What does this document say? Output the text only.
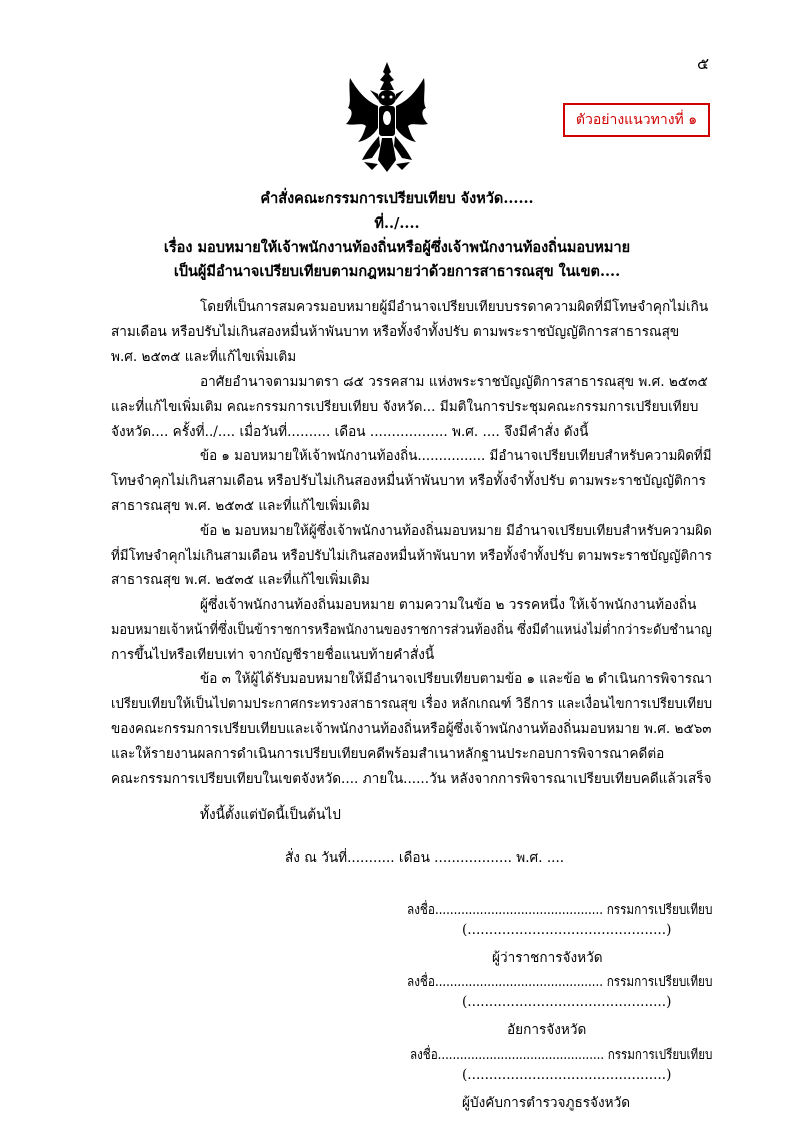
๕
ตัวอย่างแนวทางที่ ๑
คำสั่งคณะกรรมการเปรียบเทียบ จังหวัด......
ที่../....
เรื่อง มอบหมายให้เจ้าพนักงานท้องถิ่นหรือผู้ซึ่งเจ้าพนักงานท้องถิ่นมอบหมาย
เป็นผู้มีอำนาจเปรียบเทียบตามกฎหมายว่าด้วยการสาธารณสุข ในเขต....
โดยที่เป็นการสมควรมอบหมายผู้มีอำนาจเปรียบเทียบบรรดาความผิดที่มีโทษจำคุกไม่เกิน
สามเดือน หรือปรับไม่เกินสองหมื่นห้าพันบาท หรือทั้งจำทั้งปรับ ตามพระราชบัญญัติการสาธารณสุข
พ.ศ. ๒๕๓๕ และที่แก้ไขเพิ่มเติม
อาศัยอำนาจตามมาตรา ๘๕ วรรคสาม แห่งพระราชบัญญัติการสาธารณสุข พ.ศ. ๒๕๓๕
และที่แก้ไขเพิ่มเติม คณะกรรมการเปรียบเทียบ จังหวัด... มีมติในการประชุมคณะกรรมการเปรียบเทียบ
จังหวัด.... ครั้งที่../.... เมื่อวันที่.......... เดือน .................. พ.ศ. .... จึงมีคำสั่ง ดังนี้
ข้อ ๑ มอบหมายให้เจ้าพนักงานท้องถิ่น................ มีอำนาจเปรียบเทียบสำหรับความผิดที่มี
โทษจำคุกไม่เกินสามเดือน หรือปรับไม่เกินสองหมื่นห้าพันบาท หรือทั้งจำทั้งปรับ ตามพระราชบัญญัติการ
สาธารณสุข พ.ศ. ๒๕๓๕ และที่แก้ไขเพิ่มเติม
ข้อ ๒ มอบหมายให้ผู้ซึ่งเจ้าพนักงานท้องถิ่นมอบหมาย มีอำนาจเปรียบเทียบสำหรับความผิด
ที่มีโทษจำคุกไม่เกินสามเดือน หรือปรับไม่เกินสองหมื่นห้าพันบาท หรือทั้งจำทั้งปรับ ตามพระราชบัญญัติการ
สาธารณสุข พ.ศ. ๒๕๓๕ และที่แก้ไขเพิ่มเติม
ผู้ซึ่งเจ้าพนักงานท้องถิ่นมอบหมาย ตามความในข้อ ๒ วรรคหนึ่ง ให้เจ้าพนักงานท้องถิ่น
มอบหมายเจ้าหน้าที่ซึ่งเป็นข้าราชการหรือพนักงานของราชการส่วนท้องถิ่น ซึ่งมีตำแหน่งไม่ต่ำกว่าระดับชำนาญ
การขึ้นไปหรือเทียบเท่า จากบัญชีรายชื่อแนบท้ายคำสั่งนี้
ข้อ ๓ ให้ผู้ได้รับมอบหมายให้มีอำนาจเปรียบเทียบตามข้อ ๑ และข้อ ๒ ดำเนินการพิจารณา
เปรียบเทียบให้เป็นไปตามประกาศกระทรวงสาธารณสุข เรื่อง หลักเกณฑ์ วิธีการ และเงื่อนไขการเปรียบเทียบ
ของคณะกรรมการเปรียบเทียบและเจ้าพนักงานท้องถิ่นหรือผู้ซึ่งเจ้าพนักงานท้องถิ่นมอบหมาย พ.ศ. ๒๕๖๓
และให้รายงานผลการดำเนินการเปรียบเทียบคดีพร้อมสำเนาหลักฐานประกอบการพิจารณาคดีต่อ
คณะกรรมการเปรียบเทียบในเขตจังหวัด.... ภายใน......วัน หลังจากการพิจารณาเปรียบเทียบคดีแล้วเสร็จ
ทั้งนี้ตั้งแต่บัดนี้เป็นต้นไป
สั่ง ณ วันที่........... เดือน .................. พ.ศ. ....
ลงชื่อ............................................. กรรมการเปรียบเทียบ
(..............................................)
ผู้ว่าราชการจังหวัด
ลงชื่อ............................................. กรรมการเปรียบเทียบ
(..............................................)
อัยการจังหวัด
ลงชื่อ............................................. กรรมการเปรียบเทียบ
(..............................................)
ผู้บังคับการตำรวจภูธรจังหวัด
